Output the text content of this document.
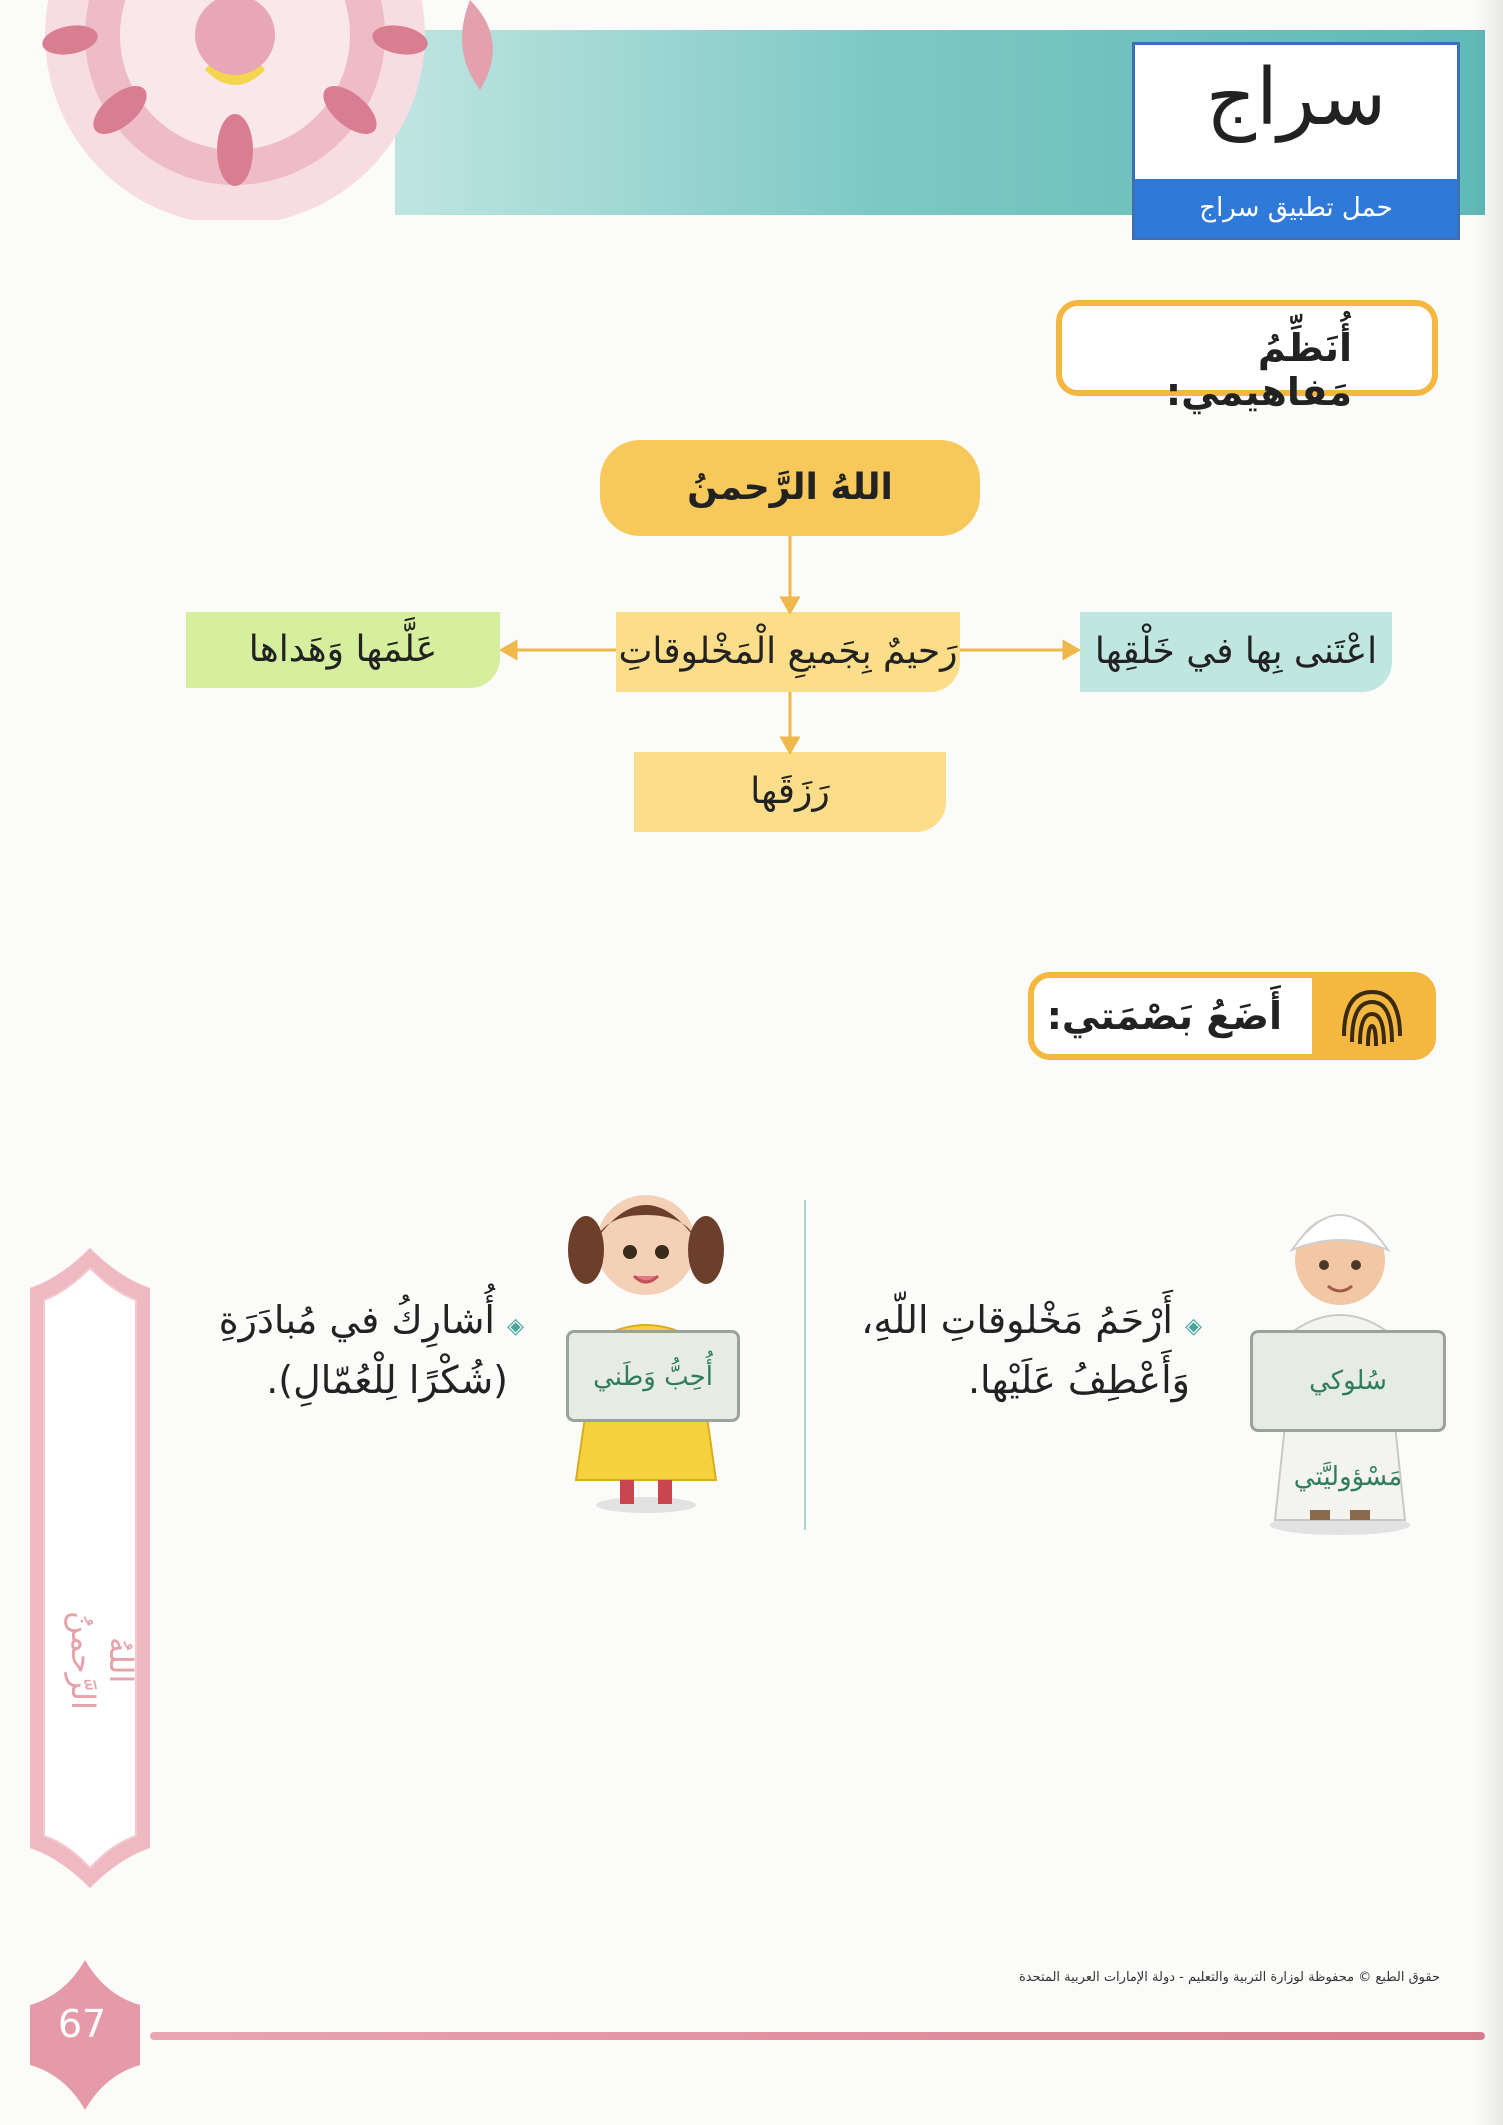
سراج
حمل تطبيق سراج
أُنَظِّمُ مَفاهيمي:
اللهُ الرَّحمنُ
رَحيمٌ بِجَميعِ الْمَخْلوقاتِ	اعْتَنى بِها في خَلْقِها
عَلَّمَها وَهَداها
رَزَقَها
أَضَعُ بَصْمَتي:
◈ أَرْحَمُ مَخْلوقاتِ اللّهِ،
وَأَعْطِفُ عَلَيْها.	سُلوكي مَسْؤوليَّتي
◈ أُشارِكُ في مُبادَرَةِ
(شُكْرًا لِلْعُمّالِ).	أُحِبُّ وَطَني
اللهُ الرَّحمنُ
حقوق الطبع © محفوظة لوزارة التربية والتعليم - دولة الإمارات العربية المتحدة
67
